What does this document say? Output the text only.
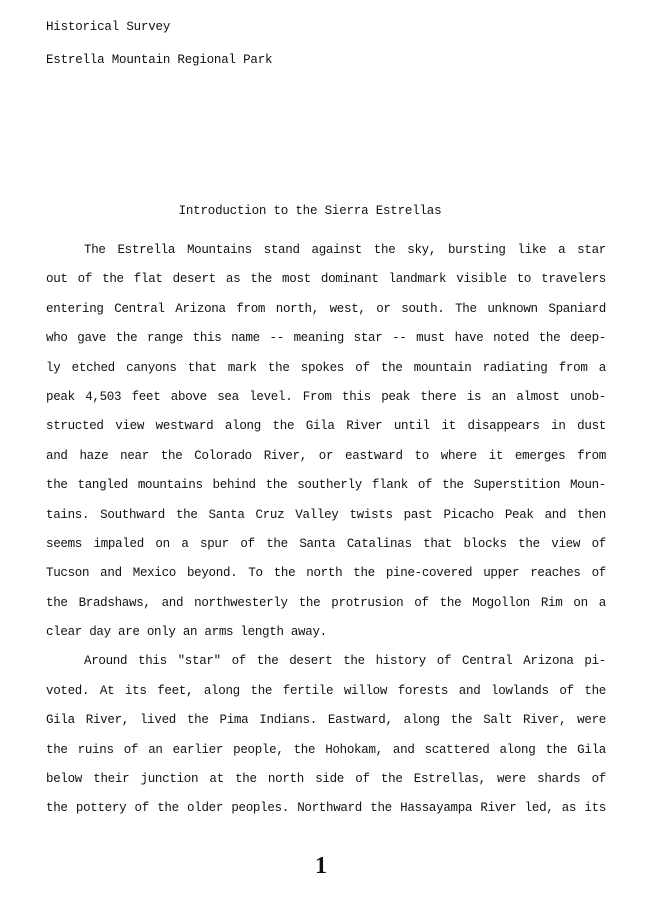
Historical Survey
Estrella Mountain Regional Park
Introduction to the Sierra Estrellas
The Estrella Mountains stand against the sky, bursting like a star
out of the flat desert as the most dominant landmark visible to travelers
entering Central Arizona from north, west, or south. The unknown Spaniard
who gave the range this name -- meaning star -- must have noted the deep-
ly etched canyons that mark the spokes of the mountain radiating from a
peak 4,503 feet above sea level. From this peak there is an almost unob-
structed view westward along the Gila River until it disappears in dust
and haze near the Colorado River, or eastward to where it emerges from
the tangled mountains behind the southerly flank of the Superstition Moun-
tains. Southward the Santa Cruz Valley twists past Picacho Peak and then
seems impaled on a spur of the Santa Catalinas that blocks the view of
Tucson and Mexico beyond. To the north the pine-covered upper reaches of
the Bradshaws, and northwesterly the protrusion of the Mogollon Rim on a
clear day are only an arms length away.
Around this "star" of the desert the history of Central Arizona pi-
voted. At its feet, along the fertile willow forests and lowlands of the
Gila River, lived the Pima Indians. Eastward, along the Salt River, were
the ruins of an earlier people, the Hohokam, and scattered along the Gila
below their junction at the north side of the Estrellas, were shards of
the pottery of the older peoples. Northward the Hassayampa River led, as its
1
